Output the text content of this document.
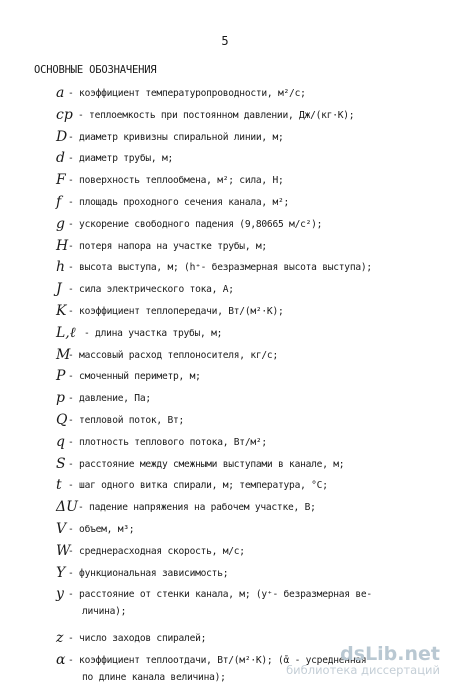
5
ОСНОВНЫЕ ОБОЗНАЧЕНИЯ
a - коэффициент температуропроводности, м²/с;
cp - теплоемкость при постоянном давлении, Дж/(кг·К);
D - диаметр кривизны спиральной линии, м;
d - диаметр трубы, м;
F - поверхность теплообмена, м²; сила, Н;
f - площадь проходного сечения канала, м²;
g - ускорение свободного падения (9,80665 м/с²);
H - потеря напора на участке трубы, м;
h - высота выступа, м; (h⁺- безразмерная высота выступа);
J - сила электрического тока, А;
K - коэффициент теплопередачи, Вт/(м²·К);
L,ℓ - длина участка трубы, м;
M
- массовый расход теплоносителя, кг/с;
P - смоченный периметр, м;
p - давление, Па;
Q - тепловой поток, Вт;
q - плотность теплового потока, Вт/м²;
S - расстояние между смежными выступами в канале, м;
t - шаг одного витка спирали, м; температура, °С;
ΔU - падение напряжения на рабочем участке, В;
V - объем, м³;
W
- среднерасходная скорость, м/с;
Y - функциональная зависимость;
y - расстояние от стенки канала, м; (y⁺- безразмерная ве-
личина);
z - число заходов спиралей;
α - коэффициент теплоотдачи, Вт/(м²·К); (ᾱ - усредненная
по длине канала величина);
dsLib.net
библиотека диссертаций
